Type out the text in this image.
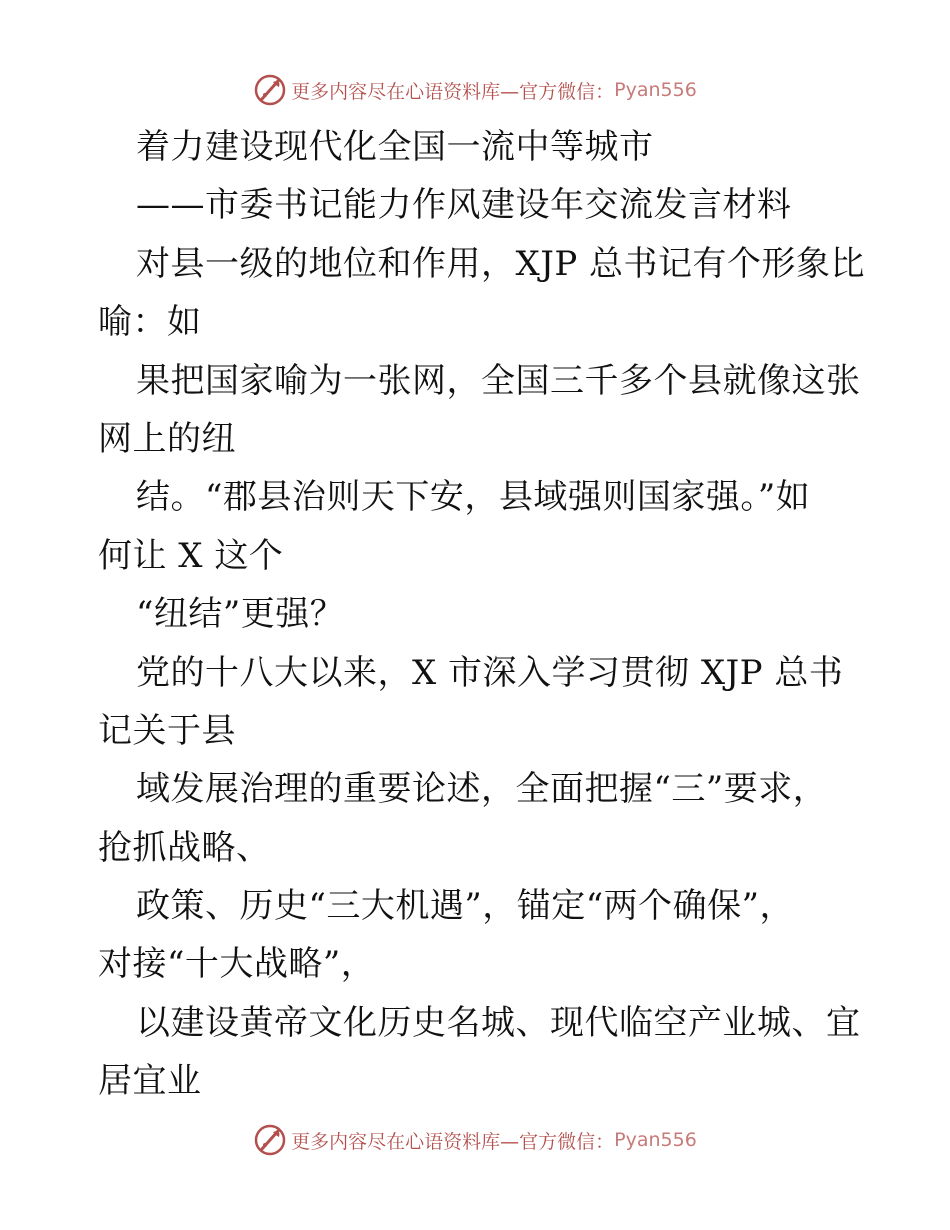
更多内容尽在心语资料库—官方微信： Pyan556
着力建设现代化全国一流中等城市
——市委书记能力作风建设年交流发言材料
对县一级的地位和作用，XJP 总书记有个形象比
喻：如
果把国家喻为一张网，全国三千多个县就像这张
网上的纽
结。“郡县治则天下安，县域强则国家强。”如
何让 X 这个
“纽结”更强？
党的十八大以来，X 市深入学习贯彻 XJP 总书
记关于县
域发展治理的重要论述，全面把握“三”要求，
抢抓战略、
政策、历史“三大机遇”，锚定“两个确保”，
对接“十大战略”，
以建设黄帝文化历史名城、现代临空产业城、宜
居宜业
更多内容尽在心语资料库—官方微信： Pyan556
